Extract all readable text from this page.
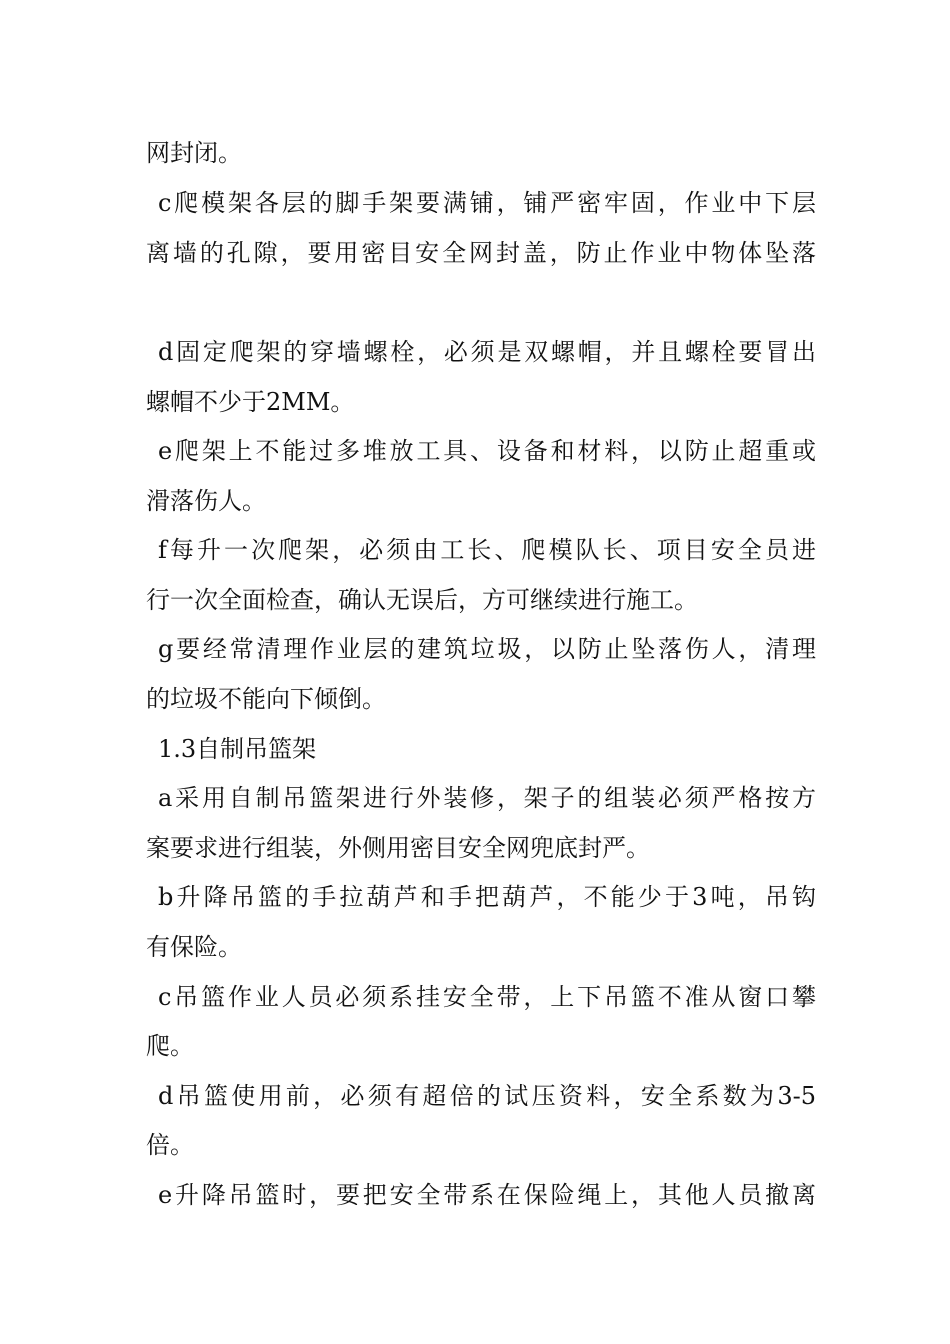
网封闭。
c爬模架各层的脚手架要满铺，铺严密牢固，作业中下层
离墙的孔隙，要用密目安全网封盖，防止作业中物体坠落
d固定爬架的穿墙螺栓，必须是双螺帽，并且螺栓要冒出
螺帽不少于2MM。
e爬架上不能过多堆放工具、设备和材料，以防止超重或
滑落伤人。
f每升一次爬架，必须由工长、爬模队长、项目安全员进
行一次全面检查，确认无误后，方可继续进行施工。
g要经常清理作业层的建筑垃圾，以防止坠落伤人，清理
的垃圾不能向下倾倒。
1.3自制吊篮架
a采用自制吊篮架进行外装修，架子的组装必须严格按方
案要求进行组装，外侧用密目安全网兜底封严。
b升降吊篮的手拉葫芦和手把葫芦，不能少于3吨，吊钩
有保险。
c吊篮作业人员必须系挂安全带，上下吊篮不准从窗口攀
爬。
d吊篮使用前，必须有超倍的试压资料，安全系数为3-5
倍。
e升降吊篮时，要把安全带系在保险绳上，其他人员撤离
